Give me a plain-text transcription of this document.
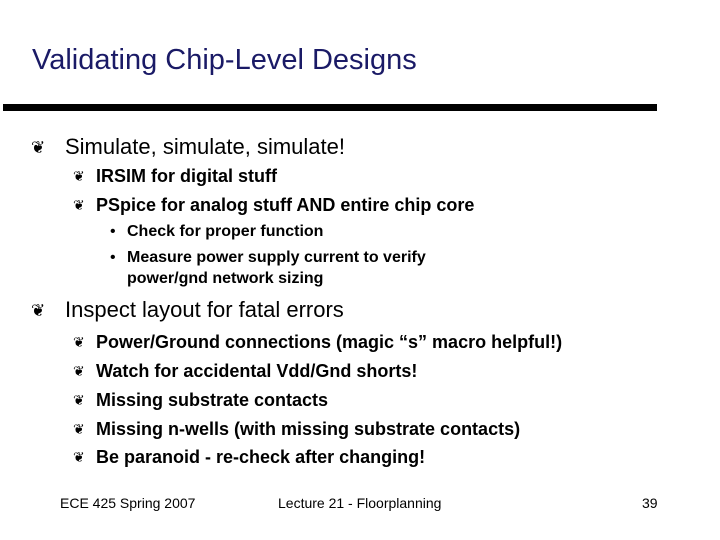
Validating Chip-Level Designs
❦ Simulate, simulate, simulate!
❦ IRSIM for digital stuff
❦ PSpice for analog stuff AND entire chip core
• Check for proper function
• Measure power supply current to verify
power/gnd network sizing
❦ Inspect layout for fatal errors
❦ Power/Ground connections (magic “s” macro helpful!)
❦ Watch for accidental Vdd/Gnd shorts!
❦ Missing substrate contacts
❦ Missing n-wells (with missing substrate contacts)
❦ Be paranoid - re-check after changing!
ECE 425 Spring 2007	Lecture 21 - Floorplanning	39
